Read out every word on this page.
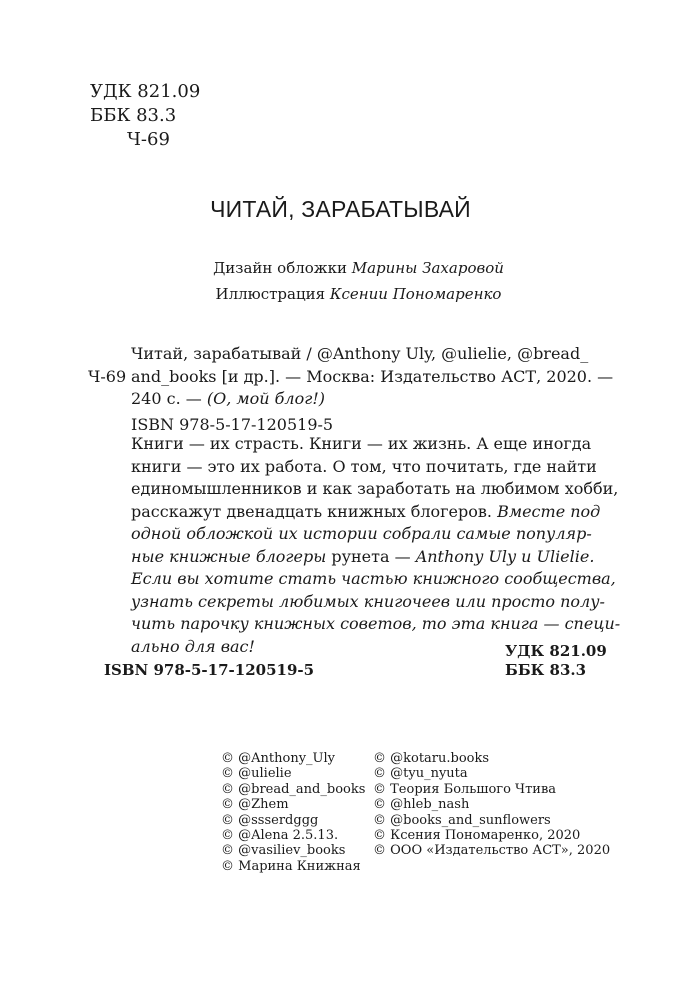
УДК 821.09
ББК 83.3
Ч-69
ЧИТАЙ, ЗАРАБАТЫВАЙ
Дизайн обложки Марины Захаровой
Иллюстрация Ксении Пономаренко
Читай, зарабатывай / @Anthony Uly, @ulielie, @bread_
Ч-69 and_books [и др.]. — Москва: Издательство АСТ, 2020. —
240 с. — (О, мой блог!)
ISBN 978-5-17-120519-5
Книги — их страсть. Книги — их жизнь. А еще иногда
книги — это их работа. О том, что почитать, где найти
единомышленников и как заработать на любимом хобби,
расскажут двенадцать книжных блогеров. Вместе под
одной обложкой их истории собрали самые популяр-
ные книжные блогеры рунета — Anthony Uly и Ulielie.
Если вы хотите стать частью книжного сообщества,
узнать секреты любимых книгочеев или просто полу-
чить парочку книжных советов, то эта книга — специ-
ально для вас!	УДК 821.09
ISBN 978-5-17-120519-5	ББК 83.3
© @Anthony_Uly
© @ulielie
© @bread_and_books
© @Zhem
© @ssserdggg
© @Alena 2.5.13.
© @vasiliev_books
© Марина Книжная
© @kotaru.books
© @tyu_nyuta
© Теория Большого Чтива
© @hleb_nash
© @books_and_sunflowers
© Ксения Пономаренко, 2020
© ООО «Издательство АСТ», 2020
